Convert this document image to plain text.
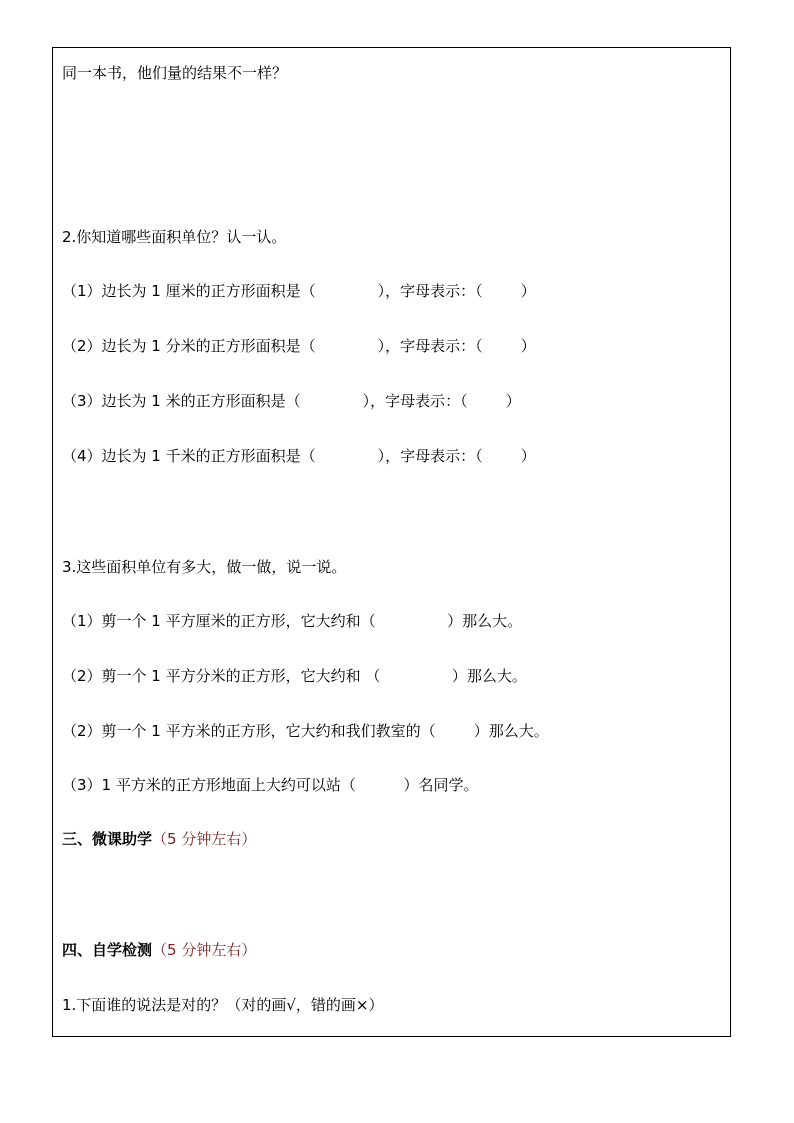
同一本书，他们量的结果不一样？
2.你知道哪些面积单位？认一认。
（1）边长为 1 厘米的正方形面积是（             ），字母表示：（        ）
（2）边长为 1 分米的正方形面积是（             ），字母表示：（        ）
（3）边长为 1 米的正方形面积是（             ），字母表示：（        ）
（4）边长为 1 千米的正方形面积是（             ），字母表示：（        ）
3.这些面积单位有多大，做一做，说一说。
（1）剪一个 1 平方厘米的正方形，它大约和（               ）那么大。
（2）剪一个 1 平方分米的正方形，它大约和 （               ）那么大。
（2）剪一个 1 平方米的正方形，它大约和我们教室的（        ）那么大。
（3）1 平方米的正方形地面上大约可以站（          ）名同学。
三、微课助学（5 分钟左右）
四、自学检测（5 分钟左右）
1.下面谁的说法是对的？（对的画√，错的画×）
